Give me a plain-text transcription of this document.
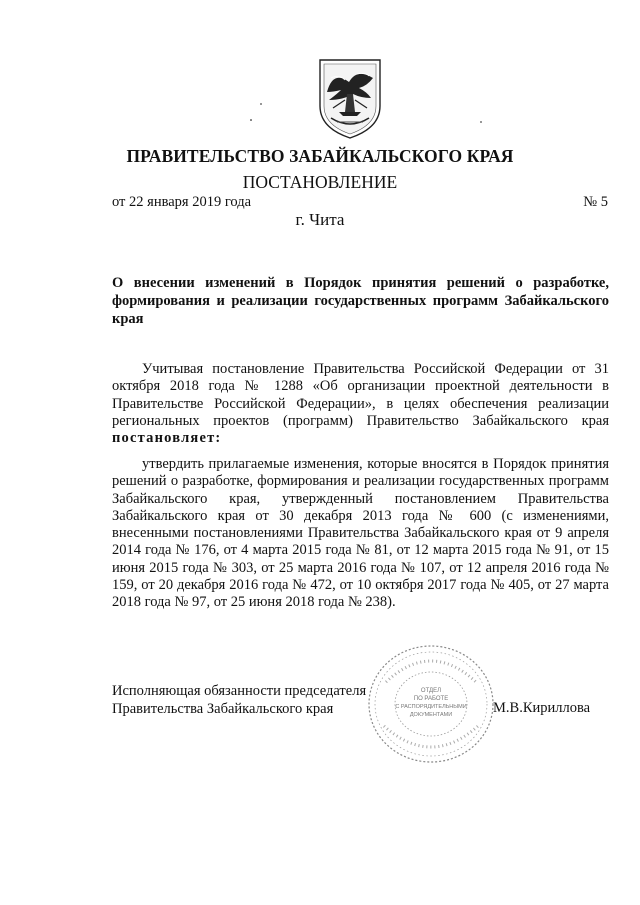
ПРАВИТЕЛЬСТВО ЗАБАЙКАЛЬСКОГО КРАЯ
ПОСТАНОВЛЕНИЕ
от 22 января 2019 года	№ 5
г. Чита
О внесении изменений в Порядок принятия решений о разработке, формирования и реализации государственных программ Забайкальского края

Учитывая постановление Правительства Российской Федерации от 31 октября 2018 года № 1288 «Об организации проектной деятельности в Правительстве Российской Федерации», в целях обеспечения реализации региональных проектов (программ) Правительство Забайкальского края постановляет:

утвердить прилагаемые изменения, которые вносятся в Порядок принятия решений о разработке, формирования и реализации государственных программ Забайкальского края, утвержденный постановлением Правительства Забайкальского края от 30 декабря 2013 года № 600 (с изменениями, внесенными постановлениями Правительства Забайкальского края от 9 апреля 2014 года № 176, от 4 марта 2015 года № 81, от 12 марта 2015 года № 91, от 15 июня 2015 года № 303, от 25 марта 2016 года № 107, от 12 апреля 2016 года № 159, от 20 декабря 2016 года № 472, от 10 октября 2017 года № 405, от 27 марта 2018 года № 97, от 25 июня 2018 года № 238).

Исполняющая обязанности председателя
Правительства Забайкальского края
ОТДЕЛ
ПО РАБОТЕ
С РАСПОРЯДИТЕЛЬНЫМИ
ДОКУМЕНТАМИ	М.В.Кириллова
